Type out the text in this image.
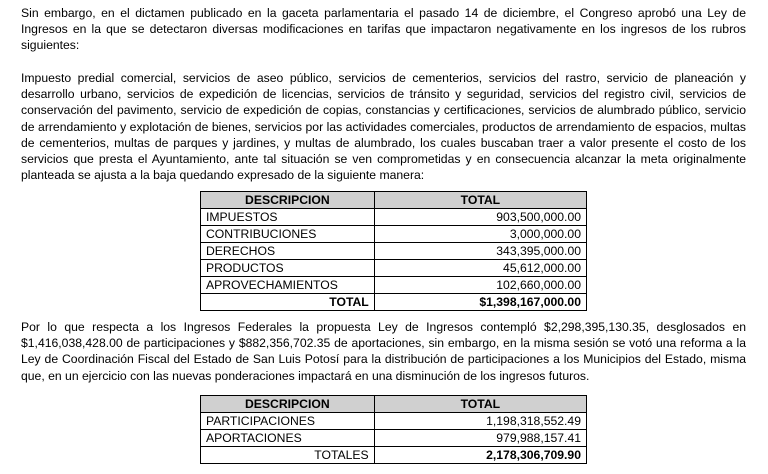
Sin embargo, en el dictamen publicado en la gaceta parlamentaria el pasado 14 de diciembre, el Congreso aprobó una Ley de Ingresos en la que se detectaron diversas modificaciones en tarifas que impactaron negativamente en los ingresos de los rubros siguientes:

Impuesto predial comercial, servicios de aseo público, servicios de cementerios, servicios del rastro, servicio de planeación y desarrollo urbano, servicios de expedición de licencias, servicios de tránsito y seguridad, servicios del registro civil, servicios de conservación del pavimento, servicio de expedición de copias, constancias y certificaciones, servicios de alumbrado público, servicio de arrendamiento y explotación de bienes, servicios por las actividades comerciales, productos de arrendamiento de espacios, multas de cementerios, multas de parques y jardines, y multas de alumbrado, los cuales buscaban traer a valor presente el costo de los servicios que presta el Ayuntamiento, ante tal situación se ven comprometidas y en consecuencia alcanzar la meta originalmente planteada se ajusta a la baja quedando expresado de la siguiente manera:

DESCRIPCION	TOTAL
IMPUESTOS	903,500,000.00
CONTRIBUCIONES	3,000,000.00
DERECHOS	343,395,000.00
PRODUCTOS	45,612,000.00
APROVECHAMIENTOS	102,660,000.00
TOTAL	$1,398,167,000.00

Por lo que respecta a los Ingresos Federales la propuesta Ley de Ingresos contempló $2,298,395,130.35, desglosados en $1,416,038,428.00 de participaciones y $882,356,702.35 de aportaciones, sin embargo, en la misma sesión se votó una reforma a la Ley de Coordinación Fiscal del Estado de San Luis Potosí para la distribución de participaciones a los Municipios del Estado, misma que, en un ejercicio con las nuevas ponderaciones impactará en una disminución de los ingresos futuros.

DESCRIPCION	TOTAL
PARTICIPACIONES	1,198,318,552.49
APORTACIONES	979,988,157.41
TOTALES	2,178,306,709.90
